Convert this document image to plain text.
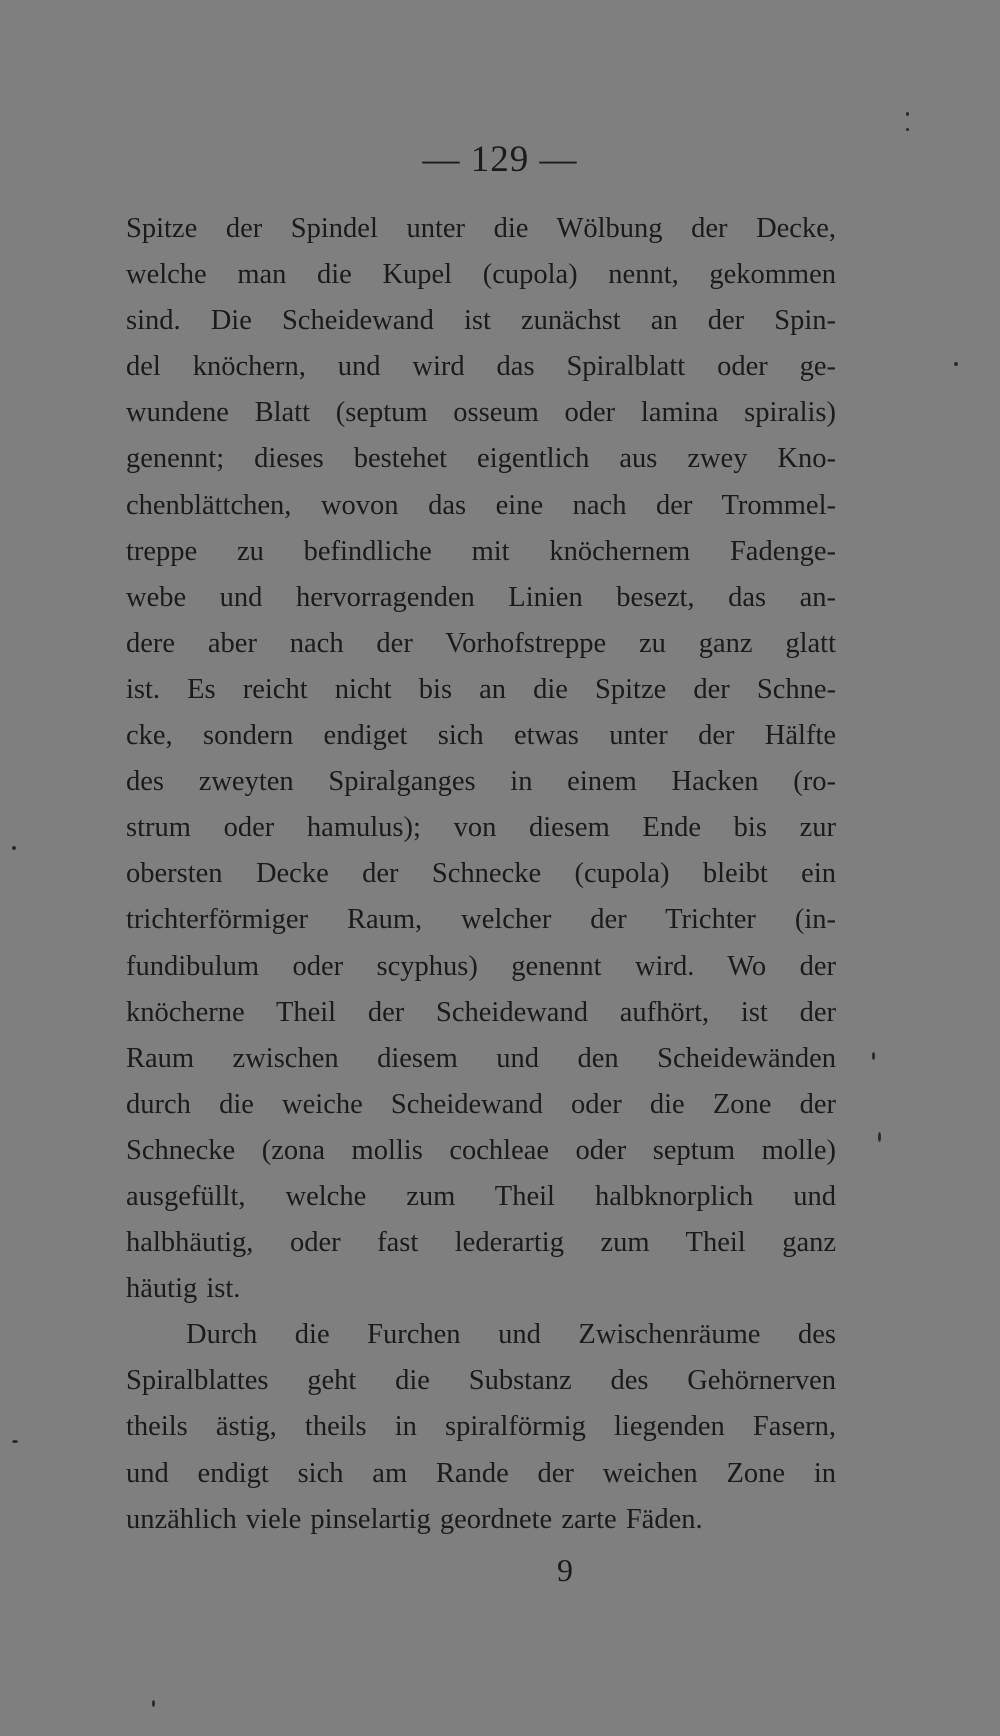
— 129 —
Spitze der Spindel unter die Wölbung der Decke,
welche man die Kupel (cupola) nennt, gekommen
sind. Die Scheidewand ist zunächst an der Spin-
del knöchern, und wird das Spiralblatt oder ge-
wundene Blatt (septum osseum oder lamina spiralis)
genennt; dieses bestehet eigentlich aus zwey Kno-
chenblättchen, wovon das eine nach der Trommel-
treppe zu befindliche mit knöchernem Fadenge-
webe und hervorragenden Linien besezt, das an-
dere aber nach der Vorhofstreppe zu ganz glatt
ist. Es reicht nicht bis an die Spitze der Schne-
cke, sondern endiget sich etwas unter der Hälfte
des zweyten Spiralganges in einem Hacken (ro-
strum oder hamulus); von diesem Ende bis zur
obersten Decke der Schnecke (cupola) bleibt ein
trichterförmiger Raum, welcher der Trichter (in-
fundibulum oder scyphus) genennt wird. Wo der
knöcherne Theil der Scheidewand aufhört, ist der
Raum zwischen diesem und den Scheidewänden
durch die weiche Scheidewand oder die Zone der
Schnecke (zona mollis cochleae oder septum molle)
ausgefüllt, welche zum Theil halbknorplich und
halbhäutig, oder fast lederartig zum Theil ganz
häutig ist.
Durch die Furchen und Zwischenräume des
Spiralblattes geht die Substanz des Gehörnerven
theils ästig, theils in spiralförmig liegenden Fasern,
und endigt sich am Rande der weichen Zone in
unzählich viele pinselartig geordnete zarte Fäden.
9
